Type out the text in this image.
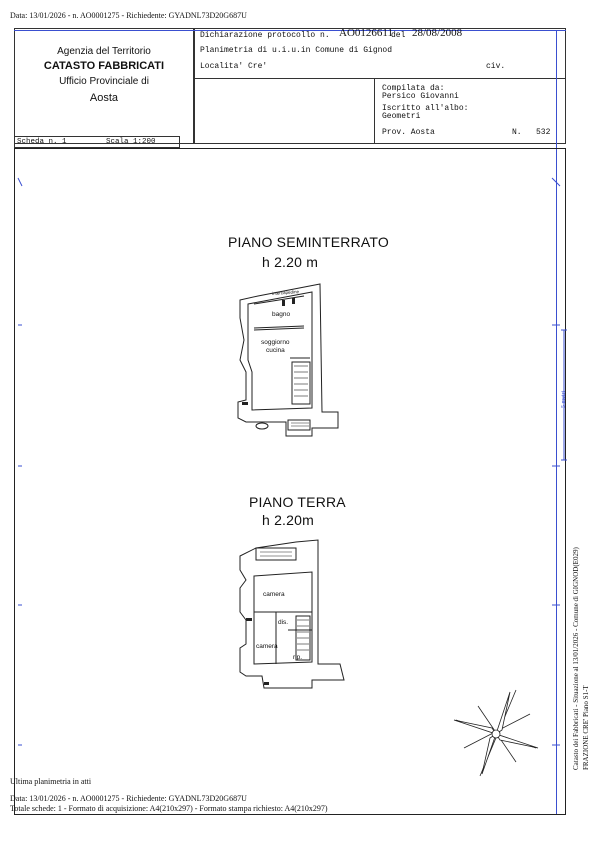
Data: 13/01/2026 - n. AO0001275 - Richiedente: GYADNL73D20G687U
Agenzia del Territorio
CATASTO FABBRICATI
Ufficio Provinciale di
Aosta
Dichiarazione protocollo n. AO0126611
del 28/08/2008
Planimetria di u.i.u.in Comune di Gignod
Localita' Cre'	civ.
Compilata da:
Persico Giovanni
Iscritto all'albo:
Geometri
Prov. Aosta	N. 532
Scheda n. 1	Scala 1:200
5 metri
PIANO SEMINTERRATO
h 2.20 m
PIANO TERRA
h 2.20m
intercapedine
bagno
soggiorno
cucina
camera
dis.
camera
rip.	Catasto dei Fabbricati - Situazione al 13/01/2026 - Comune di GIGNOD(E029) FRAZIONE CRE' Piano S1-T
Ultima planimetria in atti
Data: 13/01/2026 - n. AO0001275 - Richiedente: GYADNL73D20G687U
Totale schede: 1 - Formato di acquisizione: A4(210x297) - Formato stampa richiesto: A4(210x297)
